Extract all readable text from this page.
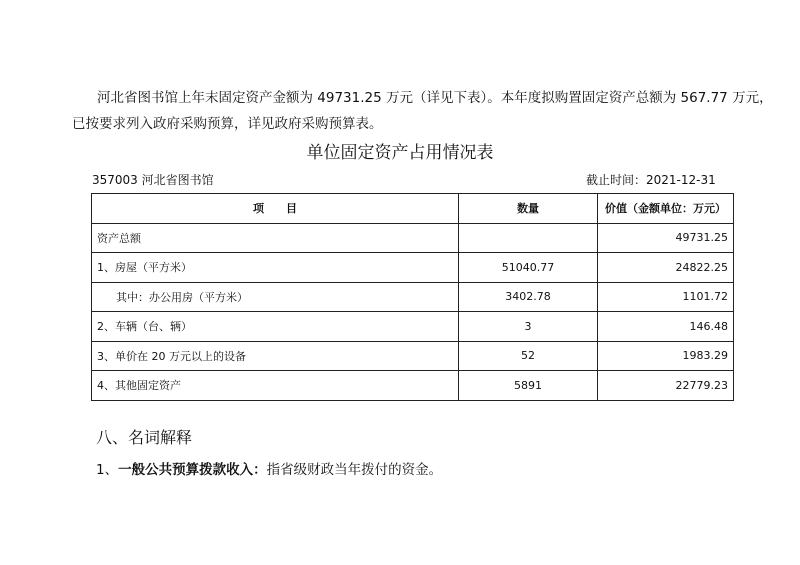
河北省图书馆上年末固定资产金额为 49731.25 万元（详见下表）。本年度拟购置固定资产总额为 567.77 万元，
已按要求列入政府采购预算，详见政府采购预算表。
单位固定资产占用情况表
357003 河北省图书馆	截止时间：2021-12-31
项　　目	数量	价值（金额单位：万元）
资产总额		49731.25
1、房屋（平方米）	51040.77	24822.25
其中：办公用房（平方米）	3402.78	1101.72
2、车辆（台、辆）	3	146.48
3、单价在 20 万元以上的设备	52	1983.29
4、其他固定资产	5891	22779.23
八、名词解释
1、一般公共预算拨款收入：指省级财政当年拨付的资金。
